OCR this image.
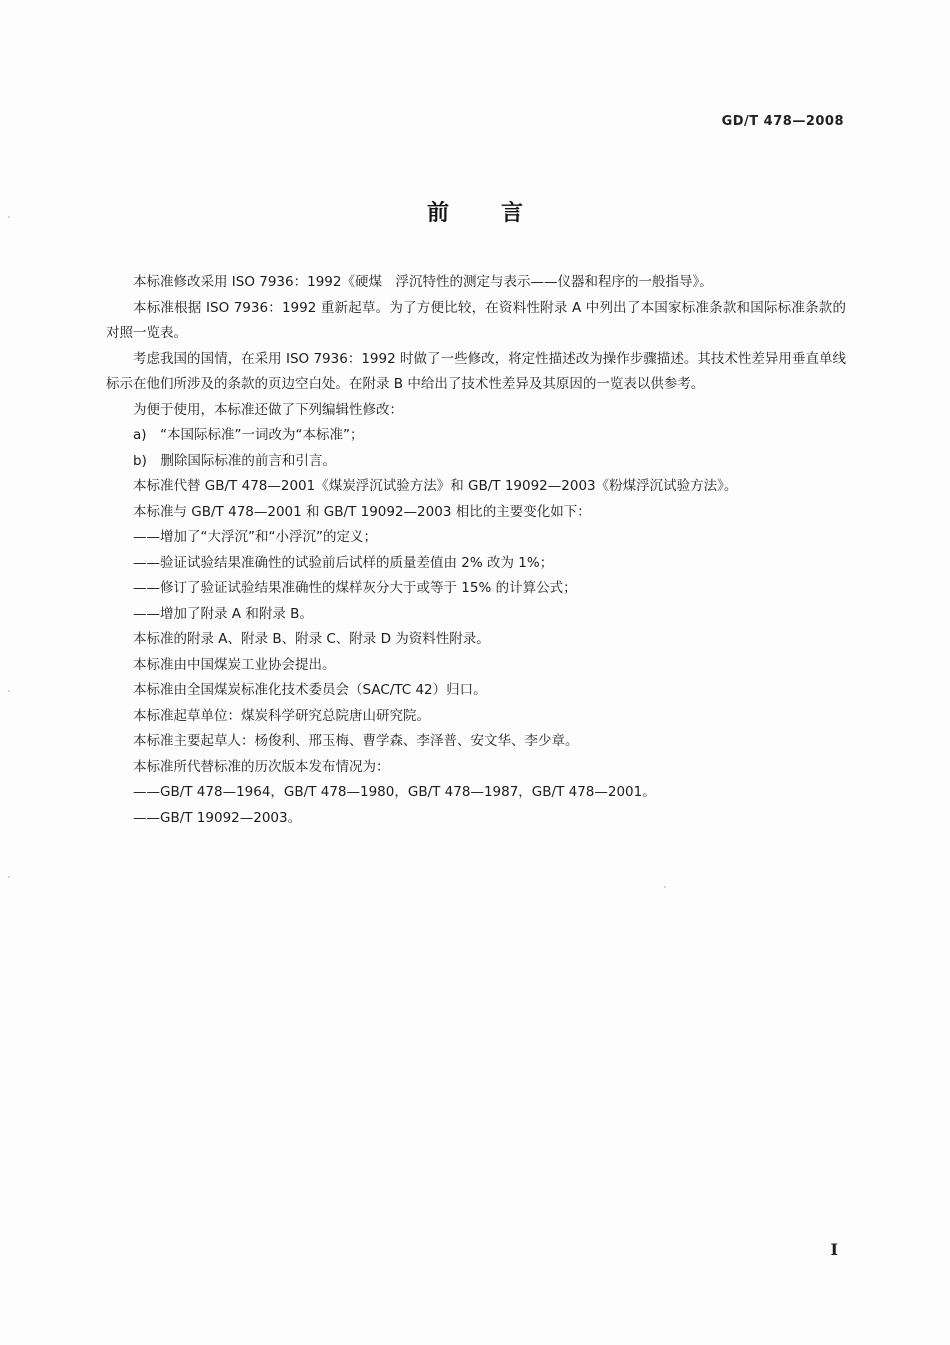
GD/T 478—2008
前言

本标准修改采用 ISO 7936：1992《硬煤　浮沉特性的测定与表示——仪器和程序的一般指导》。

本标准根据 ISO 7936：1992 重新起草。为了方便比较，在资料性附录 A 中列出了本国家标准条款和国际标准条款的对照一览表。

考虑我国的国情，在采用 ISO 7936：1992 时做了一些修改，将定性描述改为操作步骤描述。其技术性差异用垂直单线标示在他们所涉及的条款的页边空白处。在附录 B 中给出了技术性差异及其原因的一览表以供参考。

为便于使用，本标准还做了下列编辑性修改：

a)　“本国际标准”一词改为“本标准”；

b)　删除国际标准的前言和引言。

本标准代替 GB/T 478—2001《煤炭浮沉试验方法》和 GB/T 19092—2003《粉煤浮沉试验方法》。

本标准与 GB/T 478—2001 和 GB/T 19092—2003 相比的主要变化如下：

——增加了“大浮沉”和“小浮沉”的定义；

——验证试验结果准确性的试验前后试样的质量差值由 2% 改为 1%；

——修订了验证试验结果准确性的煤样灰分大于或等于 15% 的计算公式；

——增加了附录 A 和附录 B。

本标准的附录 A、附录 B、附录 C、附录 D 为资料性附录。

本标准由中国煤炭工业协会提出。

本标准由全国煤炭标准化技术委员会（SAC/TC 42）归口。

本标准起草单位：煤炭科学研究总院唐山研究院。

本标准主要起草人：杨俊利、邢玉梅、曹学森、李泽普、安文华、李少章。

本标准所代替标准的历次版本发布情况为：

——GB/T 478—1964，GB/T 478—1980，GB/T 478—1987，GB/T 478—2001。

——GB/T 19092—2003。

I
